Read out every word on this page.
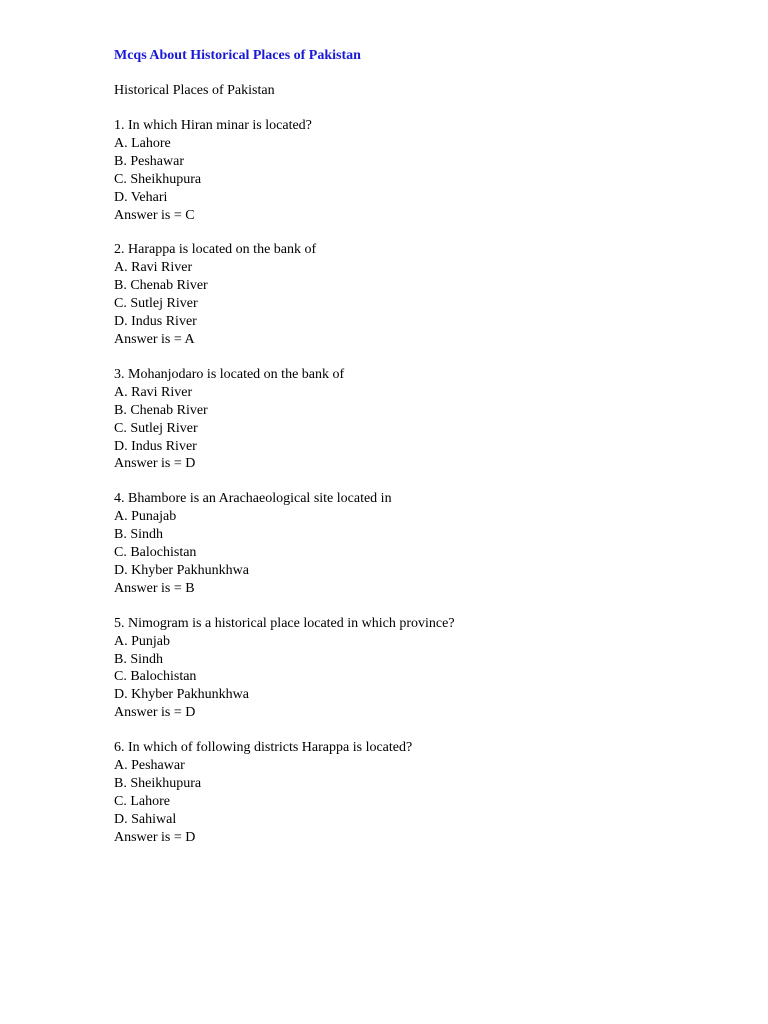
Mcqs About Historical Places of Pakistan
Historical Places of Pakistan
1. In which Hiran minar is located?
A. Lahore
B. Peshawar
C. Sheikhupura
D. Vehari
Answer is = C
2. Harappa is located on the bank of
A. Ravi River
B. Chenab River
C. Sutlej River
D. Indus River
Answer is = A
3. Mohanjodaro is located on the bank of
A. Ravi River
B. Chenab River
C. Sutlej River
D. Indus River
Answer is = D
4. Bhambore is an Arachaeological site located in
A. Punajab
B. Sindh
C. Balochistan
D. Khyber Pakhunkhwa
Answer is = B
5. Nimogram is a historical place located in which province?
A. Punjab
B. Sindh
C. Balochistan
D. Khyber Pakhunkhwa
Answer is = D
6. In which of following districts Harappa is located?
A. Peshawar
B. Sheikhupura
C. Lahore
D. Sahiwal
Answer is = D
